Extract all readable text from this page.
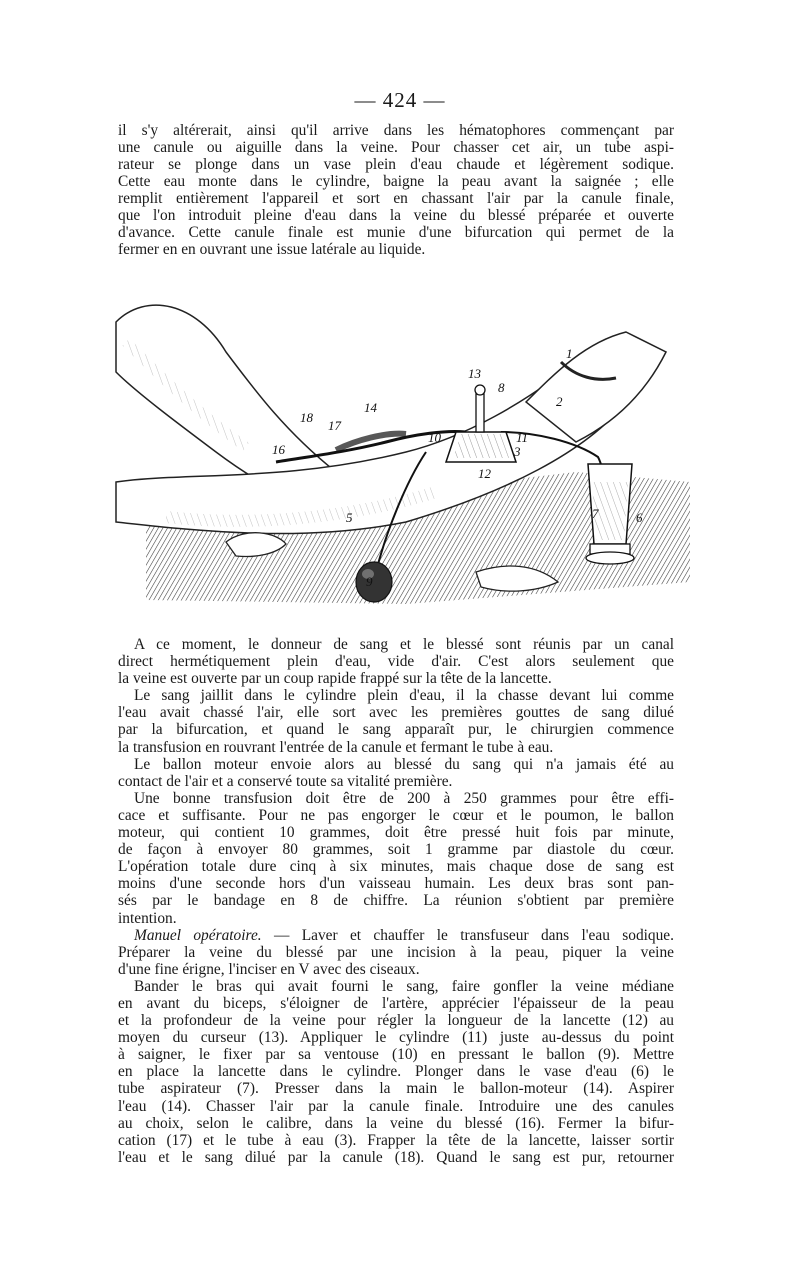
— 424 —
il s'y altérerait, ainsi qu'il arrive dans les hématophores commençant par
une canule ou aiguille dans la veine. Pour chasser cet air, un tube aspi-
rateur se plonge dans un vase plein d'eau chaude et légèrement sodique.
Cette eau monte dans le cylindre, baigne la peau avant la saignée ; elle
remplit entièrement l'appareil et sort en chassant l'air par la canule finale,
que l'on introduit pleine d'eau dans la veine du blessé préparée et ouverte
d'avance. Cette canule finale est munie d'une bifurcation qui permet de la
fermer en en ouvrant une issue latérale au liquide.
1
2
3
5	6
7
8
9
10	11
12
13
14
16
17
18
A ce moment, le donneur de sang et le blessé sont réunis par un canal
direct hermétiquement plein d'eau, vide d'air. C'est alors seulement que
la veine est ouverte par un coup rapide frappé sur la tête de la lancette.
Le sang jaillit dans le cylindre plein d'eau, il la chasse devant lui comme
l'eau avait chassé l'air, elle sort avec les premières gouttes de sang dilué
par la bifurcation, et quand le sang apparaît pur, le chirurgien commence
la transfusion en rouvrant l'entrée de la canule et fermant le tube à eau.
Le ballon moteur envoie alors au blessé du sang qui n'a jamais été au
contact de l'air et a conservé toute sa vitalité première.
Une bonne transfusion doit être de 200 à 250 grammes pour être effi-
cace et suffisante. Pour ne pas engorger le cœur et le poumon, le ballon
moteur, qui contient 10 grammes, doit être pressé huit fois par minute,
de façon à envoyer 80 grammes, soit 1 gramme par diastole du cœur.
L'opération totale dure cinq à six minutes, mais chaque dose de sang est
moins d'une seconde hors d'un vaisseau humain. Les deux bras sont pan-
sés par le bandage en 8 de chiffre. La réunion s'obtient par première
intention.
Manuel opératoire. — Laver et chauffer le transfuseur dans l'eau sodique.
Préparer la veine du blessé par une incision à la peau, piquer la veine
d'une fine érigne, l'inciser en V avec des ciseaux.
Bander le bras qui avait fourni le sang, faire gonfler la veine médiane
en avant du biceps, s'éloigner de l'artère, apprécier l'épaisseur de la peau
et la profondeur de la veine pour régler la longueur de la lancette (12) au
moyen du curseur (13). Appliquer le cylindre (11) juste au-dessus du point
à saigner, le fixer par sa ventouse (10) en pressant le ballon (9). Mettre
en place la lancette dans le cylindre. Plonger dans le vase d'eau (6) le
tube aspirateur (7). Presser dans la main le ballon-moteur (14). Aspirer
l'eau (14). Chasser l'air par la canule finale. Introduire une des canules
au choix, selon le calibre, dans la veine du blessé (16). Fermer la bifur-
cation (17) et le tube à eau (3). Frapper la tête de la lancette, laisser sortir
l'eau et le sang dilué par la canule (18). Quand le sang est pur, retourner
